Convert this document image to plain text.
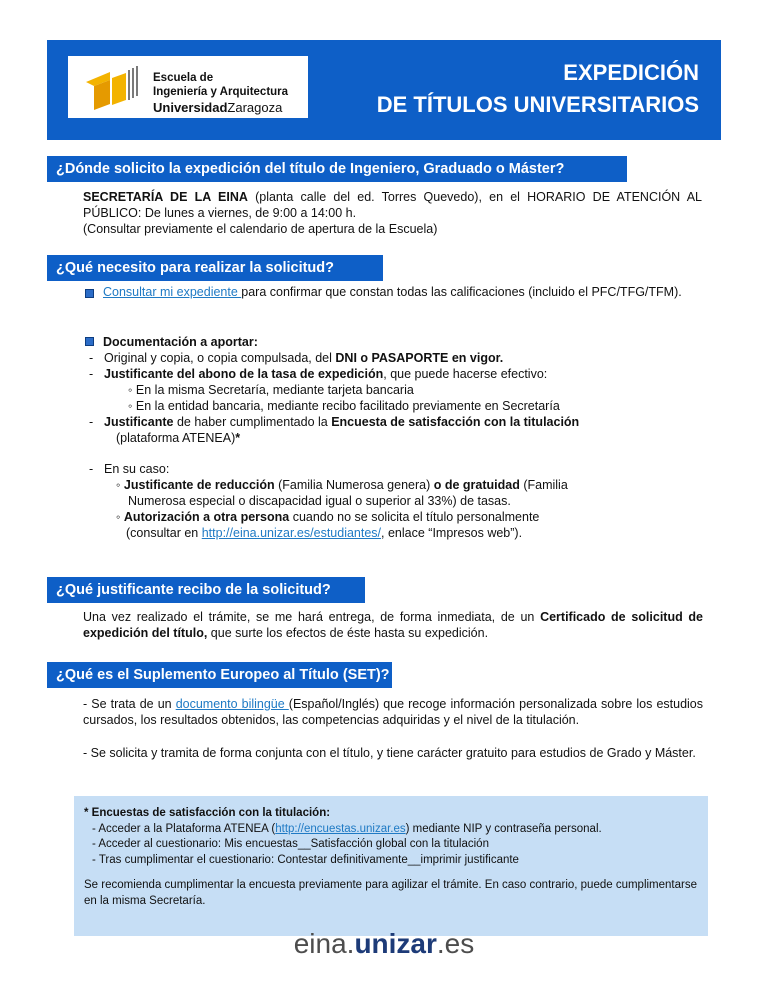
Escuela de
Ingeniería y Arquitectura
UniversidadZaragoza
EXPEDICIÓN
DE TÍTULOS UNIVERSITARIOS
¿Dónde solicito la expedición del título de Ingeniero, Graduado o Máster?
SECRETARÍA DE LA EINA (planta calle del ed. Torres Quevedo), en el HORARIO DE ATENCIÓN AL PÚBLICO: De lunes a viernes, de 9:00 a 14:00 h.
(Consultar previamente el calendario de apertura de la Escuela)
¿Qué necesito para realizar la solicitud?
Consultar mi expediente para confirmar que constan todas las calificaciones (incluido el PFC/TFG/TFM).
Documentación a aportar:
- Original y copia, o copia compulsada, del DNI o PASAPORTE en vigor.
- Justificante del abono de la tasa de expedición, que puede hacerse efectivo:
◦ En la misma Secretaría, mediante tarjeta bancaria
◦ En la entidad bancaria, mediante recibo facilitado previamente en Secretaría
- Justificante de haber cumplimentado la Encuesta de satisfacción con la titulación
(plataforma ATENEA)*
- En su caso:
◦ Justificante de reducción (Familia Numerosa genera) o de gratuidad (Familia
Numerosa especial o discapacidad igual o superior al 33%) de tasas.
◦ Autorización a otra persona cuando no se solicita el título personalmente
(consultar en http://eina.unizar.es/estudiantes/, enlace “Impresos web”).
¿Qué justificante recibo de la solicitud?
Una vez realizado el trámite, se me hará entrega, de forma inmediata, de un Certificado de solicitud de expedición del título, que surte los efectos de éste hasta su expedición.
¿Qué es el Suplemento Europeo al Título (SET)?
- Se trata de un documento bilingüe (Español/Inglés) que recoge información personalizada sobre los estudios cursados, los resultados obtenidos, las competencias adquiridas y el nivel de la titulación.
- Se solicita y tramita de forma conjunta con el título, y tiene carácter gratuito para estudios de Grado y Máster.
* Encuestas de satisfacción con la titulación:
- Acceder a la Plataforma ATENEA (http://encuestas.unizar.es) mediante NIP y contraseña personal.
- Acceder al cuestionario: Mis encuestas__Satisfacción global con la titulación
- Tras cumplimentar el cuestionario: Contestar definitivamente__imprimir justificante
Se recomienda cumplimentar la encuesta previamente para agilizar el trámite. En caso contrario, puede cumplimentarse en la misma Secretaría.
eina.unizar.es
